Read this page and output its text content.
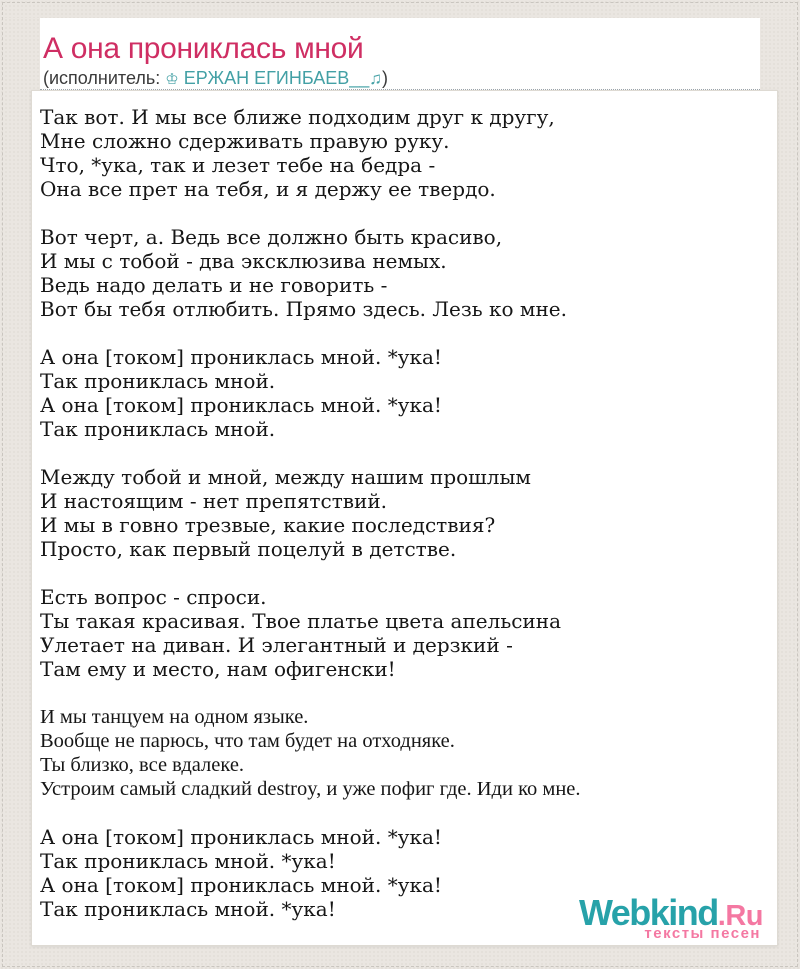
А она прониклась мной
(исполнитель: ♔ ЕРЖАН ЕГИНБАЕВ__♫)

Так вот. И мы все ближе подходим друг к другу,
Мне сложно сдерживать правую руку.
Что, *ука, так и лезет тебе на бедра -
Она все прет на тебя, и я держу ее твердо.

Вот черт, а. Ведь все должно быть красиво,
И мы с тобой - два эксклюзива немых.
Ведь надо делать и не говорить -
Вот бы тебя отлюбить. Прямо здесь. Лезь ко мне.

А она [током] прониклась мной. *ука!
Так прониклась мной.
А она [током] прониклась мной. *ука!
Так прониклась мной.

Между тобой и мной, между нашим прошлым
И настоящим - нет препятствий.
И мы в говно трезвые, какие последствия?
Просто, как первый поцелуй в детстве.

Есть вопрос - спроси.
Ты такая красивая. Твое платье цвета апельсина
Улетает на диван. И элегантный и дерзкий -
Там ему и место, нам офигенски!

И мы танцуем на одном языке.
Вообще не парюсь, что там будет на отходняке.
Ты близко, все вдалеке.
Устроим самый сладкий destroy, и уже пофиг где. Иди ко мне.

А она [током] прониклась мной. *ука!
Так прониклась мной. *ука!
А она [током] прониклась мной. *ука!
Так прониклась мной. *ука!	Webkind.Ru
тексты песен
